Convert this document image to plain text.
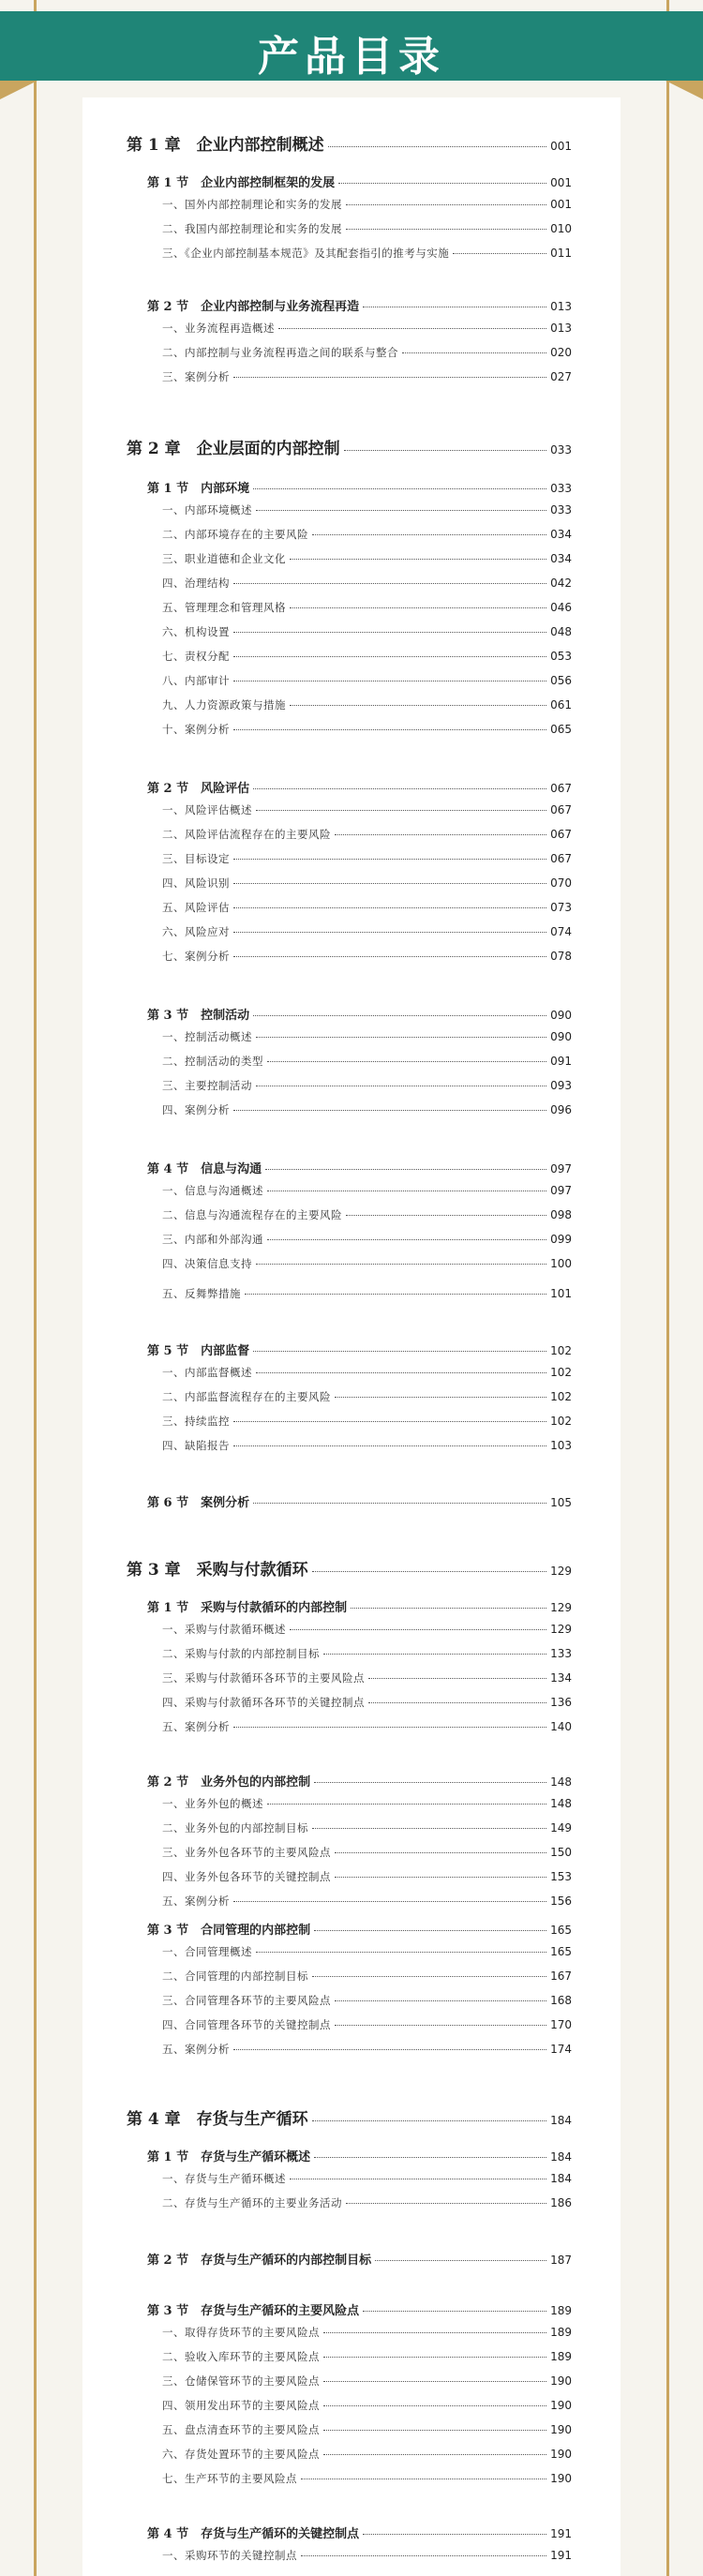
产品目录
第 1 章　企业内部控制概述	001
第 1 节　企业内部控制框架的发展	001
一、国外内部控制理论和实务的发展	001
二、我国内部控制理论和实务的发展	010
三、《企业内部控制基本规范》及其配套指引的推考与实施	011
第 2 节　企业内部控制与业务流程再造	013
一、业务流程再造概述	013
二、内部控制与业务流程再造之间的联系与整合	020
三、案例分析	027
第 2 章　企业层面的内部控制	033
第 1 节　内部环境	033
一、内部环境概述	033
二、内部环境存在的主要风险	034
三、职业道德和企业文化	034
四、治理结构	042
五、管理理念和管理风格	046
六、机构设置	048
七、责权分配	053
八、内部审计	056
九、人力资源政策与措施	061
十、案例分析	065
第 2 节　风险评估	067
一、风险评估概述	067
二、风险评估流程存在的主要风险	067
三、目标设定	067
四、风险识别	070
五、风险评估	073
六、风险应对	074
七、案例分析	078
第 3 节　控制活动	090
一、控制活动概述	090
二、控制活动的类型	091
三、主要控制活动	093
四、案例分析	096
第 4 节　信息与沟通	097
一、信息与沟通概述	097
二、信息与沟通流程存在的主要风险	098
三、内部和外部沟通	099
四、决策信息支持	100
五、反舞弊措施	101
第 5 节　内部监督	102
一、内部监督概述	102
二、内部监督流程存在的主要风险	102
三、持续监控	102
四、缺陷报告	103
第 6 节　案例分析	105
第 3 章　采购与付款循环	129
第 1 节　采购与付款循环的内部控制	129
一、采购与付款循环概述	129
二、采购与付款的内部控制目标	133
三、采购与付款循环各环节的主要风险点	134
四、采购与付款循环各环节的关键控制点	136
五、案例分析	140
第 2 节　业务外包的内部控制	148
一、业务外包的概述	148
二、业务外包的内部控制目标	149
三、业务外包各环节的主要风险点	150
四、业务外包各环节的关键控制点	153
五、案例分析	156
第 3 节　合同管理的内部控制	165
一、合同管理概述	165
二、合同管理的内部控制目标	167
三、合同管理各环节的主要风险点	168
四、合同管理各环节的关键控制点	170
五、案例分析	174
第 4 章　存货与生产循环	184
第 1 节　存货与生产循环概述	184
一、存货与生产循环概述	184
二、存货与生产循环的主要业务活动	186
第 2 节　存货与生产循环的内部控制目标	187
第 3 节　存货与生产循环的主要风险点	189
一、取得存货环节的主要风险点	189
二、验收入库环节的主要风险点	189
三、仓储保管环节的主要风险点	190
四、领用发出环节的主要风险点	190
五、盘点清查环节的主要风险点	190
六、存货处置环节的主要风险点	190
七、生产环节的主要风险点	190
第 4 节　存货与生产循环的关键控制点	191
一、采购环节的关键控制点	191
